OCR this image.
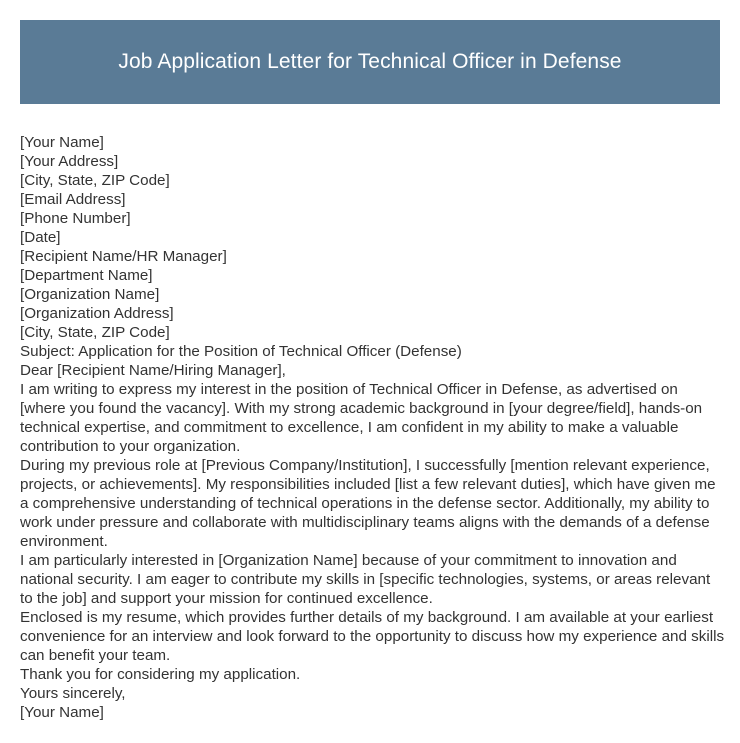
Job Application Letter for Technical Officer in Defense
[Your Name]
[Your Address]
[City, State, ZIP Code]
[Email Address]
[Phone Number]
[Date]
[Recipient Name/HR Manager]
[Department Name]
[Organization Name]
[Organization Address]
[City, State, ZIP Code]
Subject: Application for the Position of Technical Officer (Defense)
Dear [Recipient Name/Hiring Manager],
I am writing to express my interest in the position of Technical Officer in Defense, as advertised on [where you found the vacancy]. With my strong academic background in [your degree/field], hands-on technical expertise, and commitment to excellence, I am confident in my ability to make a valuable contribution to your organization.
During my previous role at [Previous Company/Institution], I successfully [mention relevant experience, projects, or achievements]. My responsibilities included [list a few relevant duties], which have given me a comprehensive understanding of technical operations in the defense sector. Additionally, my ability to work under pressure and collaborate with multidisciplinary teams aligns with the demands of a defense environment.
I am particularly interested in [Organization Name] because of your commitment to innovation and national security. I am eager to contribute my skills in [specific technologies, systems, or areas relevant to the job] and support your mission for continued excellence.
Enclosed is my resume, which provides further details of my background. I am available at your earliest convenience for an interview and look forward to the opportunity to discuss how my experience and skills can benefit your team.
Thank you for considering my application.
Yours sincerely,
[Your Name]
